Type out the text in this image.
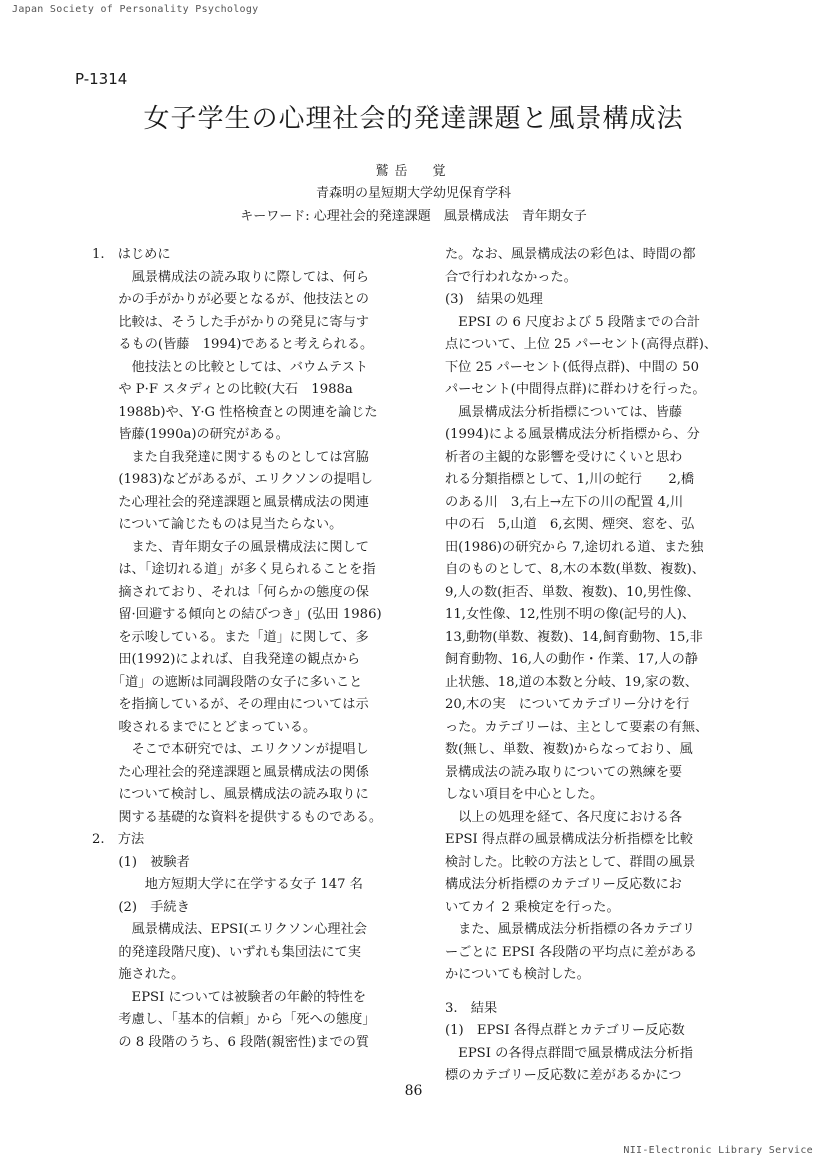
Japan Society of Personality Psychology
P-1314
女子学生の心理社会的発達課題と風景構成法
鷲岳　覚
青森明の星短期大学幼児保育学科
キーワード: 心理社会的発達課題　風景構成法　青年期女子
1.　はじめに
　　　風景構成法の読み取りに際しては、何ら
　　かの手がかりが必要となるが、他技法との
　　比較は、そうした手がかりの発見に寄与す
　　るもの(皆藤　1994)であると考えられる。
　　　他技法との比較としては、バウムテスト
　　や P·F スタディとの比較(大石　1988a
　　1988b)や、Y·G 性格検査との関連を論じた
　　皆藤(1990a)の研究がある。
　　　また自我発達に関するものとしては宮脇
　　(1983)などがあるが、エリクソンの提唱し
　　た心理社会的発達課題と風景構成法の関連
　　について論じたものは見当たらない。
　　　また、青年期女子の風景構成法に関して
　　は、「途切れる道」が多く見られることを指
　　摘されており、それは「何らかの態度の保
　　留·回避する傾向との結びつき」(弘田 1986)
　　を示唆している。また「道」に関して、多
　　田(1992)によれば、自我発達の観点から
　　「道」の遮断は同調段階の女子に多いこと
　　を指摘しているが、その理由については示
　　唆されるまでにとどまっている。
　　　そこで本研究では、エリクソンが提唱し
　　た心理社会的発達課題と風景構成法の関係
　　について検討し、風景構成法の読み取りに
　　関する基礎的な資料を提供するものである。
2.　方法
　　(1)　被験者
　　　　地方短期大学に在学する女子 147 名
　　(2)　手続き
　　　風景構成法、EPSI(エリクソン心理社会
　　的発達段階尺度)、いずれも集団法にて実
　　施された。
　　　EPSI については被験者の年齢的特性を
　　考慮し、「基本的信頼」から「死への態度」
　　の 8 段階のうち、6 段階(親密性)までの質
た。なお、風景構成法の彩色は、時間の都
合で行われなかった。
(3)　結果の処理
　EPSI の 6 尺度および 5 段階までの合計
点について、上位 25 パーセント(高得点群)、
下位 25 パーセント(低得点群)、中間の 50
パーセント(中間得点群)に群わけを行った。
　風景構成法分析指標については、皆藤
(1994)による風景構成法分析指標から、分
析者の主観的な影響を受けにくいと思わ
れる分類指標として、1,川の蛇行　　2,橋
のある川　3,右上→左下の川の配置 4,川
中の石　5,山道　6,玄関、煙突、窓を、弘
田(1986)の研究から 7,途切れる道、また独
自のものとして、8,木の本数(単数、複数)、
9,人の数(拒否、単数、複数)、10,男性像、
11,女性像、12,性別不明の像(記号的人)、
13,動物(単数、複数)、14,飼育動物、15,非
飼育動物、16,人の動作・作業、17,人の静
止状態、18,道の本数と分岐、19,家の数、
20,木の実　についてカテゴリー分けを行
った。カテゴリーは、主として要素の有無、
数(無し、単数、複数)からなっており、風
景構成法の読み取りについての熟練を要
しない項目を中心とした。
　以上の処理を経て、各尺度における各
EPSI 得点群の風景構成法分析指標を比較
検討した。比較の方法として、群間の風景
構成法分析指標のカテゴリー反応数にお
いてカイ 2 乗検定を行った。
　また、風景構成法分析指標の各カテゴリ
ーごとに EPSI 各段階の平均点に差がある
かについても検討した。
3.　結果
(1)　EPSI 各得点群とカテゴリー反応数
　EPSI の各得点群間で風景構成法分析指
標のカテゴリー反応数に差があるかにつ
86
NII-Electronic Library Service
